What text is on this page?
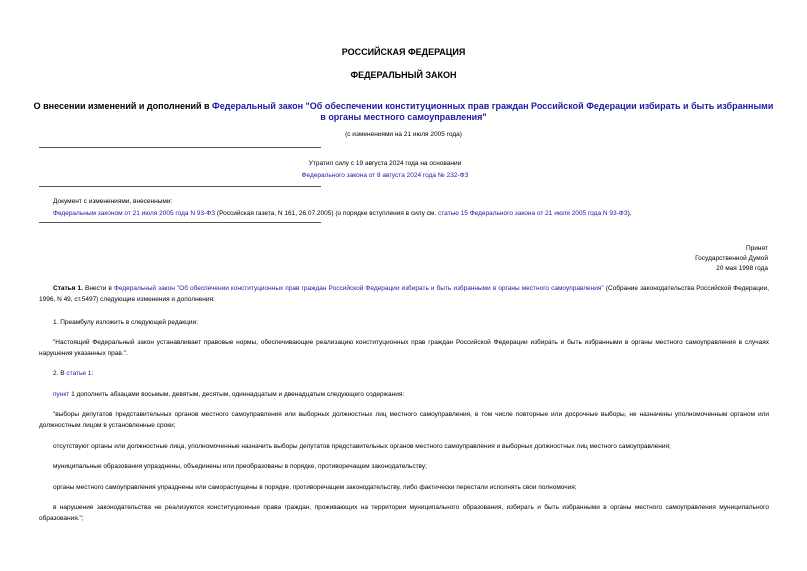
РОССИЙСКАЯ ФЕДЕРАЦИЯ
ФЕДЕРАЛЬНЫЙ ЗАКОН
О внесении изменений и дополнений в Федеральный закон "Об обеспечении конституционных прав граждан Российской Федерации избирать и быть избранными в органы местного самоуправления"
(с изменениями на 21 июля 2005 года)
Утратил силу с 19 августа 2024 года на основании
Федерального закона от 8 августа 2024 года № 232-ФЗ
Документ с изменениями, внесенными:
Федеральным законом от 21 июля 2005 года N 93-ФЗ (Российская газета, N 161, 26.07.2005) (о порядке вступления в силу см. статью 15 Федерального закона от 21 июля 2005 года N 93-ФЗ).
Принят
Государственной Думой
20 мая 1998 года
Статья 1. Внести в Федеральный закон "Об обеспечении конституционных прав граждан Российской Федерации избирать и быть избранными в органы местного самоуправления" (Собрание законодательства Российской Федерации, 1996, N 49, ст.5497) следующие изменения и дополнения:
1. Преамбулу изложить в следующей редакции:
"Настоящий Федеральный закон устанавливает правовые нормы, обеспечивающие реализацию конституционных прав граждан Российской Федерации избирать и быть избранными в органы местного самоуправления в случаях нарушения указанных прав.".
2. В статье 1:
пункт 1 дополнить абзацами восьмым, девятым, десятым, одиннадцатым и двенадцатым следующего содержания:
"выборы депутатов представительных органов местного самоуправления или выборных должностных лиц местного самоуправления, в том числе повторные или досрочные выборы, не назначены уполномоченным органом или должностным лицом в установленные сроки;
отсутствуют органы или должностные лица, уполномоченные назначить выборы депутатов представительных органов местного самоуправления и выборных должностных лиц местного самоуправления;
муниципальные образования упразднены, объединены или преобразованы в порядке, противоречащем законодательству;
органы местного самоуправления упразднены или самораспущены в порядке, противоречащем законодательству, либо фактически перестали исполнять свои полномочия;
в нарушение законодательства не реализуются конституционные права граждан, проживающих на территории муниципального образования, избирать и быть избранными в органы местного самоуправления муниципального образования.";
